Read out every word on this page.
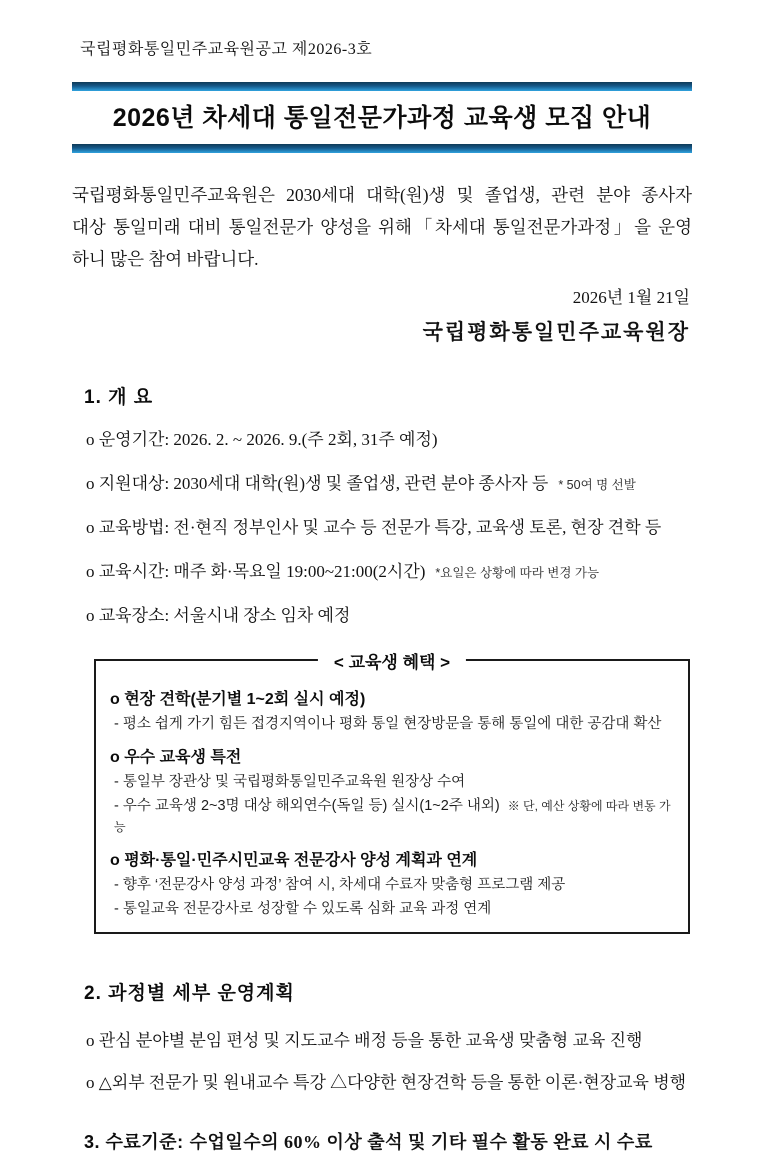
국립평화통일민주교육원공고 제2026-3호
2026년 차세대 통일전문가과정 교육생 모집 안내
국립평화통일민주교육원은 2030세대 대학(원)생 및 졸업생, 관련 분야 종사자
대상 통일미래 대비 통일전문가 양성을 위해「차세대 통일전문가과정」을 운영
하니 많은 참여 바랍니다.
2026년 1월 21일
국립평화통일민주교육원장
1. 개 요
o 운영기간: 2026. 2. ~ 2026. 9.(주 2회, 31주 예정)
o 지원대상: 2030세대 대학(원)생 및 졸업생, 관련 분야 종사자 등 * 50여 명 선발
o 교육방법: 전·현직 정부인사 및 교수 등 전문가 특강, 교육생 토론, 현장 견학 등
o 교육시간: 매주 화·목요일 19:00~21:00(2시간) *요일은 상황에 따라 변경 가능
o 교육장소: 서울시내 장소 임차 예정
< 교육생 혜택 >
o 현장 견학(분기별 1~2회 실시 예정)
- 평소 쉽게 가기 힘든 접경지역이나 평화 통일 현장방문을 통해 통일에 대한 공감대 확산
o 우수 교육생 특전
- 통일부 장관상 및 국립평화통일민주교육원 원장상 수여
- 우수 교육생 2~3명 대상 해외연수(독일 등) 실시(1~2주 내외) ※ 단, 예산 상황에 따라 변동 가능
o 평화·통일·민주시민교육 전문강사 양성 계획과 연계
- 향후 ‘전문강사 양성 과정’ 참여 시, 차세대 수료자 맞춤형 프로그램 제공
- 통일교육 전문강사로 성장할 수 있도록 심화 교육 과정 연계
2. 과정별 세부 운영계획
o 관심 분야별 분임 편성 및 지도교수 배정 등을 통한 교육생 맞춤형 교육 진행
o △외부 전문가 및 원내교수 특강 △다양한 현장견학 등을 통한 이론·현장교육 병행
3. 수료기준: 수업일수의 60% 이상 출석 및 기타 필수 활동 완료 시 수료
